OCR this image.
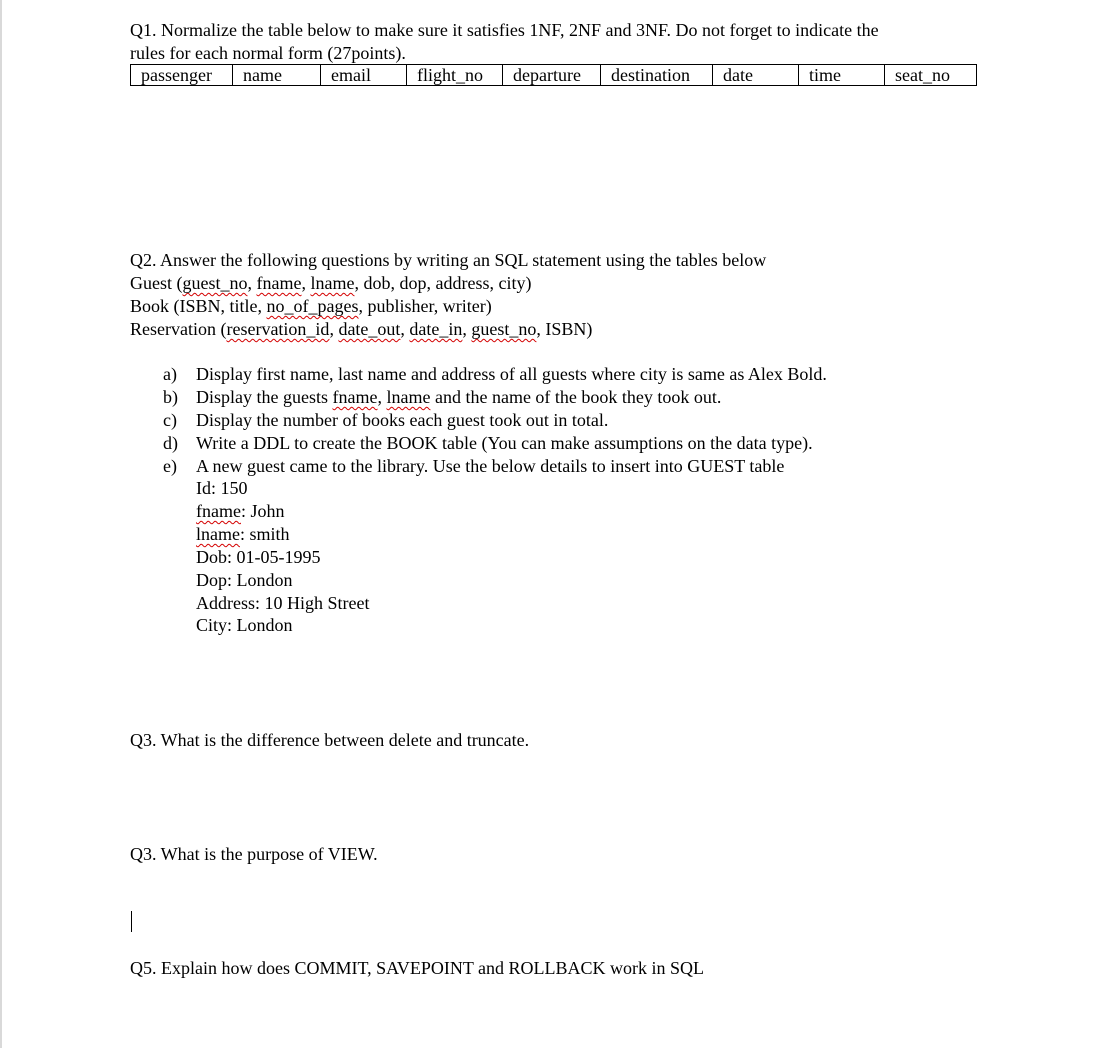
Q1. Normalize the table below to make sure it satisfies 1NF, 2NF and 3NF. Do not forget to indicate the
rules for each normal form (27points).
passenger	name	email	flight_no	departure	destination	date	time	seat_no
Q2. Answer the following questions by writing an SQL statement using the tables below
Guest (guest_no, fname, lname, dob, dop, address, city)
Book (ISBN, title, no_of_pages, publisher, writer)
Reservation (reservation_id, date_out, date_in, guest_no, ISBN)
a) Display first name, last name and address of all guests where city is same as Alex Bold.
b) Display the guests fname, lname and the name of the book they took out.
c) Display the number of books each guest took out in total.
d) Write a DDL to create the BOOK table (You can make assumptions on the data type).
e) A new guest came to the library. Use the below details to insert into GUEST table
Id: 150
fname: John
lname: smith
Dob: 01-05-1995
Dop: London
Address: 10 High Street
City: London
Q3. What is the difference between delete and truncate.
Q3. What is the purpose of VIEW.
Q5. Explain how does COMMIT, SAVEPOINT and ROLLBACK work in SQL
